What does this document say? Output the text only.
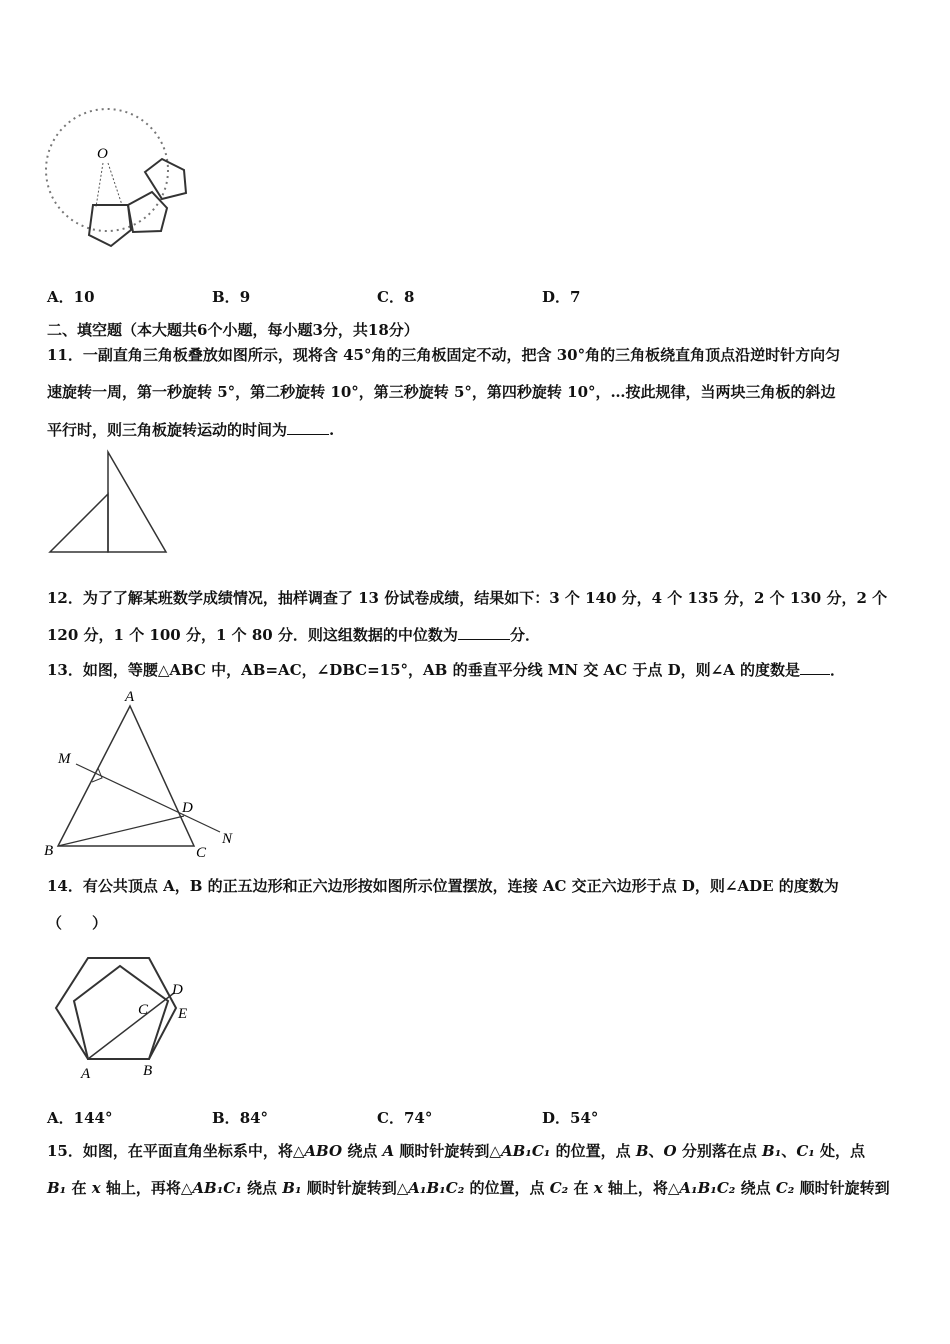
O
A．10	B．9	C．8	D．7
二、填空题（本大题共6个小题，每小题3分，共18分）
11．一副直角三角板叠放如图所示，现将含 45°角的三角板固定不动，把含 30°角的三角板绕直角顶点沿逆时针方向匀
速旋转一周，第一秒旋转 5°，第二秒旋转 10°，第三秒旋转 5°，第四秒旋转 10°，…按此规律，当两块三角板的斜边
平行时，则三角板旋转运动的时间为	.
12．为了了解某班数学成绩情况，抽样调查了 13 份试卷成绩，结果如下：3 个 140 分，4 个 135 分，2 个 130 分，2 个
120 分，1 个 100 分，1 个 80 分．则这组数据的中位数为	分．
13．如图，等腰△ABC 中，AB=AC，∠DBC=15°，AB 的垂直平分线 MN 交 AC 于点 D，则∠A 的度数是 ．
A
M
D
N
B	C
14．有公共顶点 A，B 的正五边形和正六边形按如图所示位置摆放，连接 AC 交正六边形于点 D，则∠ADE 的度数为
（　　）
C
D
E
A	B
A．144°	B．84°	C．74°	D．54°
15．如图，在平面直角坐标系中，将△ABO 绕点 A 顺时针旋转到△AB₁C₁ 的位置，点 B、O 分别落在点 B₁、C₁ 处，点
B₁ 在 x 轴上，再将△AB₁C₁ 绕点 B₁ 顺时针旋转到△A₁B₁C₂ 的位置，点 C₂ 在 x 轴上，将△A₁B₁C₂ 绕点 C₂ 顺时针旋转到
